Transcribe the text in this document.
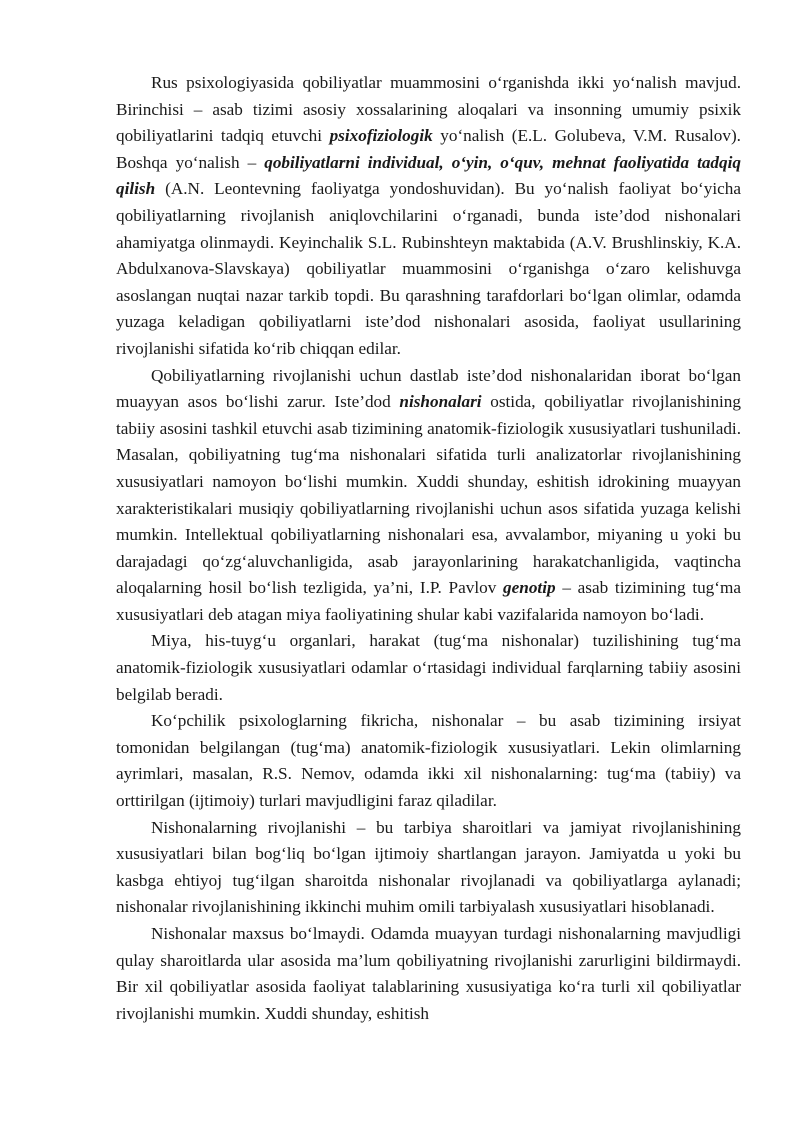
Rus psixologiyasida qobiliyatlar muammosini o‘rganishda ikki yo‘nalish mavjud. Birinchisi – asab tizimi asosiy xossalarining aloqalari va insonning umumiy psixik qobiliyatlarini tadqiq etuvchi psixofiziologik yo‘nalish (E.L. Golubeva, V.M. Rusalov). Boshqa yo‘nalish – qobiliyatlarni individual, o‘yin, o‘quv, mehnat faoliyatida tadqiq qilish (A.N. Leontevning faoliyatga yondoshuvidan). Bu yo‘nalish faoliyat bo‘yicha qobiliyatlarning rivojlanish aniqlovchilarini o‘rganadi, bunda iste’dod nishonalari ahamiyatga olinmaydi. Keyinchalik S.L. Rubinshteyn maktabida (A.V. Brushlinskiy, K.A. Abdulxanova-Slavskaya) qobiliyatlar muammosini o‘rganishga o‘zaro kelishuvga asoslangan nuqtai nazar tarkib topdi. Bu qarashning tarafdorlari bo‘lgan olimlar, odamda yuzaga keladigan qobiliyatlarni iste’dod nishonalari asosida, faoliyat usullarining rivojlanishi sifatida ko‘rib chiqqan edilar.

Qobiliyatlarning rivojlanishi uchun dastlab iste’dod nishonalaridan iborat bo‘lgan muayyan asos bo‘lishi zarur. Iste’dod nishonalari ostida, qobiliyatlar rivojlanishining tabiiy asosini tashkil etuvchi asab tizimining anatomik-fiziologik xususiyatlari tushuniladi. Masalan, qobiliyatning tug‘ma nishonalari sifatida turli analizatorlar rivojlanishining xususiyatlari namoyon bo‘lishi mumkin. Xuddi shunday, eshitish idrokining muayyan xarakteristikalari musiqiy qobiliyatlarning rivojlanishi uchun asos sifatida yuzaga kelishi mumkin. Intellektual qobiliyatlarning nishonalari esa, avvalambor, miyaning u yoki bu darajadagi qo‘zg‘aluvchanligida, asab jarayonlarining harakatchanligida, vaqtincha aloqalarning hosil bo‘lish tezligida, ya’ni, I.P. Pavlov genotip – asab tizimining tug‘ma xususiyatlari deb atagan miya faoliyatining shular kabi vazifalarida namoyon bo‘ladi.

Miya, his-tuyg‘u organlari, harakat (tug‘ma nishonalar) tuzilishining tug‘ma anatomik-fiziologik xususiyatlari odamlar o‘rtasidagi individual farqlarning tabiiy asosini belgilab beradi.

Ko‘pchilik psixologlarning fikricha, nishonalar – bu asab tizimining irsiyat tomonidan belgilangan (tug‘ma) anatomik-fiziologik xususiyatlari. Lekin olimlarning ayrimlari, masalan, R.S. Nemov, odamda ikki xil nishonalarning: tug‘ma (tabiiy) va orttirilgan (ijtimoiy) turlari mavjudligini faraz qiladilar.

Nishonalarning rivojlanishi – bu tarbiya sharoitlari va jamiyat rivojlanishining xususiyatlari bilan bog‘liq bo‘lgan ijtimoiy shartlangan jarayon. Jamiyatda u yoki bu kasbga ehtiyoj tug‘ilgan sharoitda nishonalar rivojlanadi va qobiliyatlarga aylanadi; nishonalar rivojlanishining ikkinchi muhim omili tarbiyalash xususiyatlari hisoblanadi.

Nishonalar maxsus bo‘lmaydi. Odamda muayyan turdagi nishonalarning mavjudligi qulay sharoitlarda ular asosida ma’lum qobiliyatning rivojlanishi zarurligini bildirmaydi. Bir xil qobiliyatlar asosida faoliyat talablarining xususiyatiga ko‘ra turli xil qobiliyatlar rivojlanishi mumkin. Xuddi shunday, eshitish
